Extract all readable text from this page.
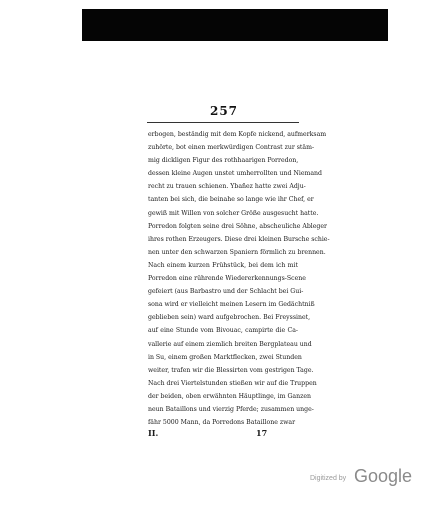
257
erbogen, beständig mit dem Kopfe nickend, aufmerksam
zuhörte, bot einen merkwürdigen Contrast zur stäm-
mig dickligen Figur des rothhaarigen Porredon,
dessen kleine Augen unstet umherrollten und Niemand
recht zu trauen schienen. Ybañez hatte zwei Adju-
tanten bei sich, die beinahe so lange wie ihr Chef, er
gewiß mit Willen von solcher Größe ausgesucht hatte.
Porredon folgten seine drei Söhne, abscheuliche Ableger
ihres rothen Erzeugers. Diese drei kleinen Bursche schie-
nen unter den schwarzen Spaniern förmlich zu brennen.
Nach einem kurzen Frühstück, bei dem ich mit
Porredon eine rührende Wiedererkennungs-Scene
gefeiert (aus Barbastro und der Schlacht bei Gui-
sona wird er vielleicht meinen Lesern im Gedächtniß
geblieben sein) ward aufgebrochen. Bei Freyssinet,
auf eine Stunde vom Bivouac, campirte die Ca-
vallerie auf einem ziemlich breiten Bergplateau und
in Su, einem großen Marktflecken, zwei Stunden
weiter, trafen wir die Blessirten vom gestrigen Tage.
Nach drei Viertelstunden stießen wir auf die Truppen
der beiden, oben erwähnten Häuptlinge, im Ganzen
neun Bataillons und vierzig Pferde; zusammen unge-
fähr 5000 Mann, da Porredons Bataillone zwar
II.	17
Digitized by Google
